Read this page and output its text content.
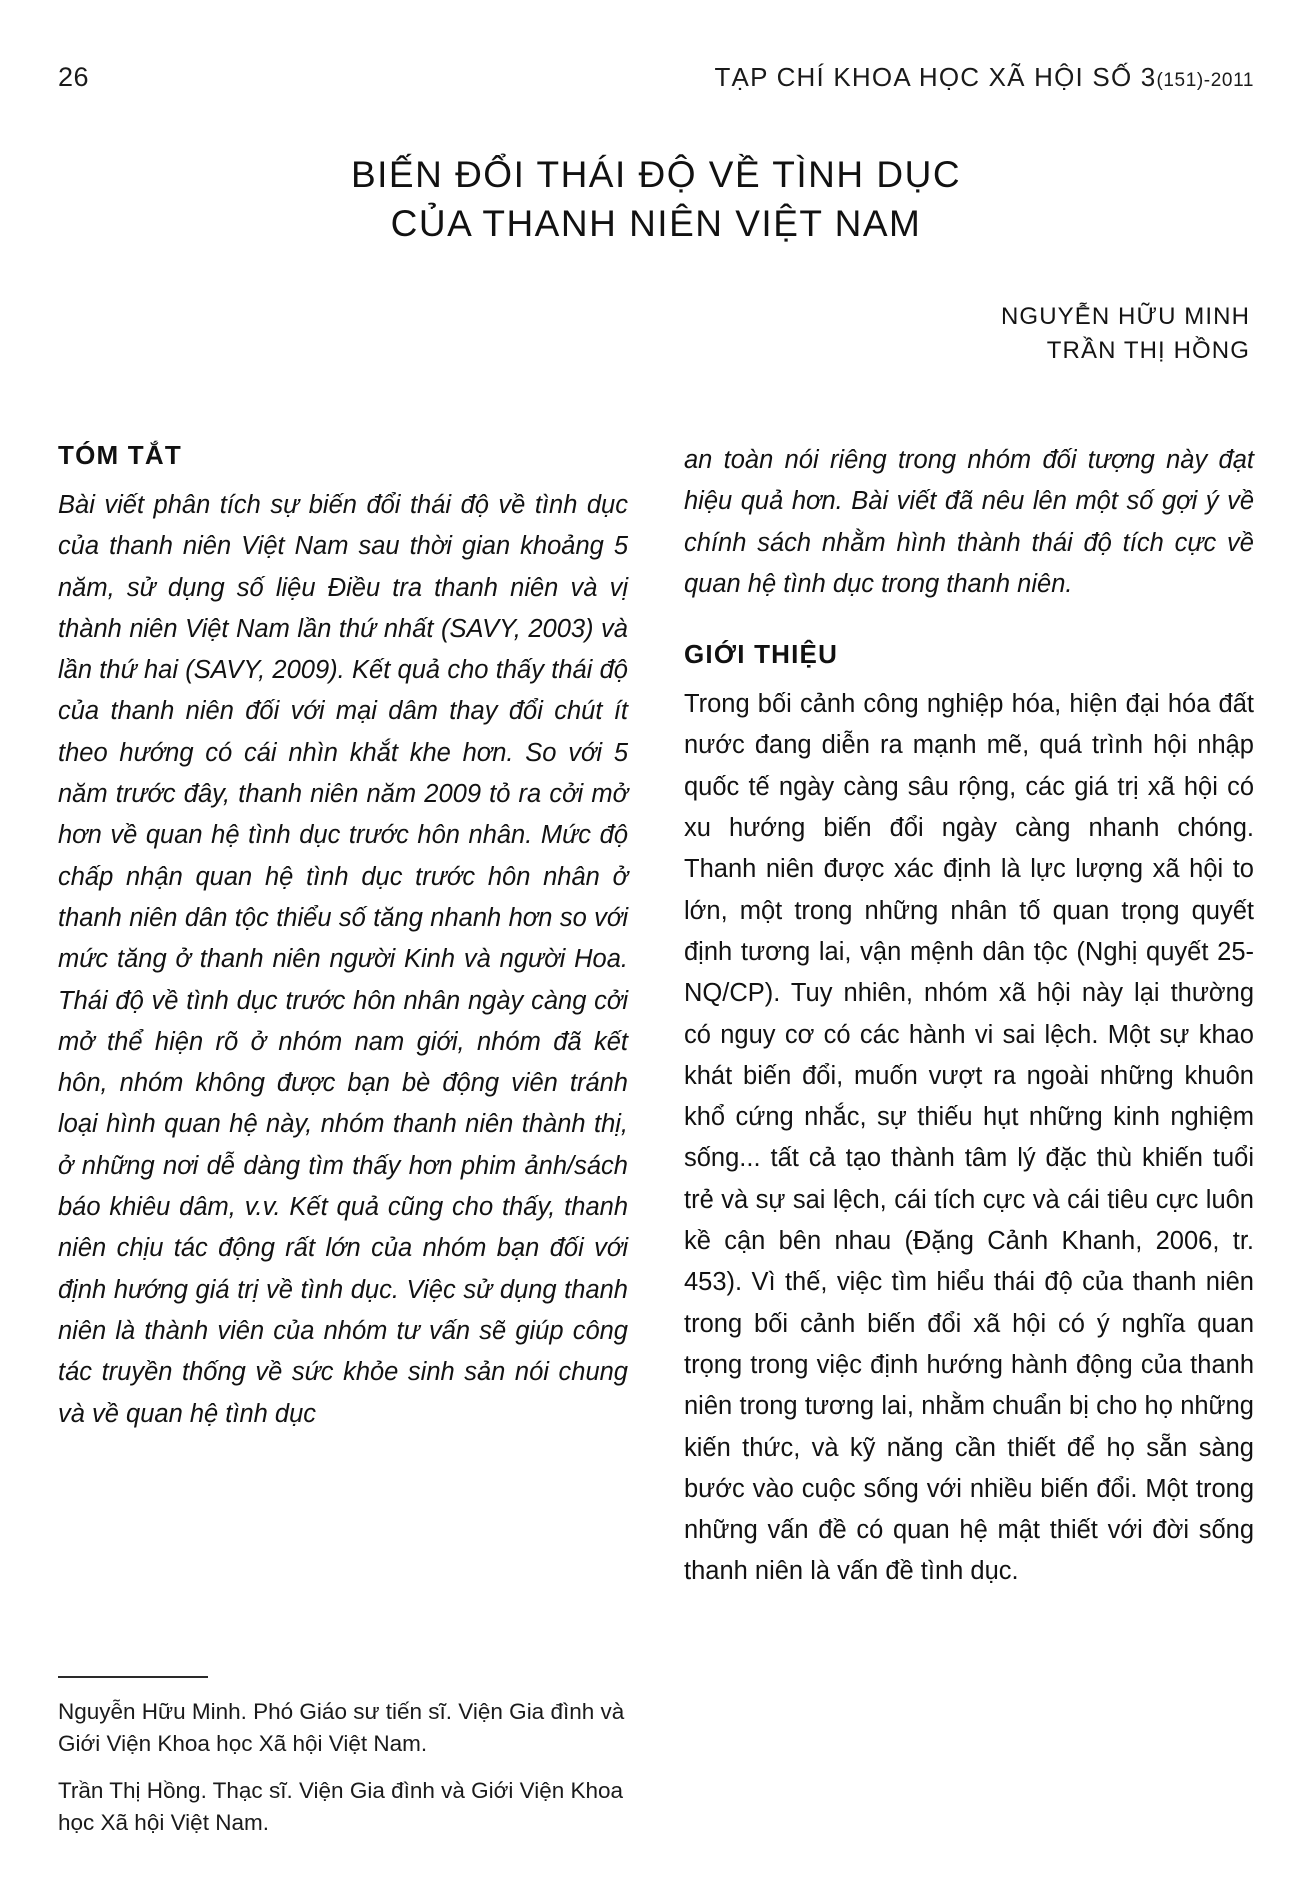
26	TẠP CHÍ KHOA HỌC XÃ HỘI SỐ 3(151)-2011
BIẾN ĐỔI THÁI ĐỘ VỀ TÌNH DỤC
CỦA THANH NIÊN VIỆT NAM
NGUYỄN HỮU MINH
TRẦN THỊ HỒNG
TÓM TẮT

Bài viết phân tích sự biến đổi thái độ về tình dục của thanh niên Việt Nam sau thời gian khoảng 5 năm, sử dụng số liệu Điều tra thanh niên và vị thành niên Việt Nam lần thứ nhất (SAVY, 2003) và lần thứ hai (SAVY, 2009). Kết quả cho thấy thái độ của thanh niên đối với mại dâm thay đổi chút ít theo hướng có cái nhìn khắt khe hơn. So với 5 năm trước đây, thanh niên năm 2009 tỏ ra cởi mở hơn về quan hệ tình dục trước hôn nhân. Mức độ chấp nhận quan hệ tình dục trước hôn nhân ở thanh niên dân tộc thiểu số tăng nhanh hơn so với mức tăng ở thanh niên người Kinh và người Hoa. Thái độ về tình dục trước hôn nhân ngày càng cởi mở thể hiện rõ ở nhóm nam giới, nhóm đã kết hôn, nhóm không được bạn bè động viên tránh loại hình quan hệ này, nhóm thanh niên thành thị, ở những nơi dễ dàng tìm thấy hơn phim ảnh/sách báo khiêu dâm, v.v. Kết quả cũng cho thấy, thanh niên chịu tác động rất lớn của nhóm bạn đối với định hướng giá trị về tình dục. Việc sử dụng thanh niên là thành viên của nhóm tư vấn sẽ giúp công tác truyền thống về sức khỏe sinh sản nói chung và về quan hệ tình dục

Nguyễn Hữu Minh. Phó Giáo sư tiến sĩ. Viện Gia đình và Giới Viện Khoa học Xã hội Việt Nam.

Trần Thị Hồng. Thạc sĩ. Viện Gia đình và Giới Viện Khoa học Xã hội Việt Nam.

an toàn nói riêng trong nhóm đối tượng này đạt hiệu quả hơn. Bài viết đã nêu lên một số gợi ý về chính sách nhằm hình thành thái độ tích cực về quan hệ tình dục trong thanh niên.

GIỚI THIỆU

Trong bối cảnh công nghiệp hóa, hiện đại hóa đất nước đang diễn ra mạnh mẽ, quá trình hội nhập quốc tế ngày càng sâu rộng, các giá trị xã hội có xu hướng biến đổi ngày càng nhanh chóng. Thanh niên được xác định là lực lượng xã hội to lớn, một trong những nhân tố quan trọng quyết định tương lai, vận mệnh dân tộc (Nghị quyết 25-NQ/CP). Tuy nhiên, nhóm xã hội này lại thường có nguy cơ có các hành vi sai lệch. Một sự khao khát biến đổi, muốn vượt ra ngoài những khuôn khổ cứng nhắc, sự thiếu hụt những kinh nghiệm sống... tất cả tạo thành tâm lý đặc thù khiến tuổi trẻ và sự sai lệch, cái tích cực và cái tiêu cực luôn kề cận bên nhau (Đặng Cảnh Khanh, 2006, tr. 453). Vì thế, việc tìm hiểu thái độ của thanh niên trong bối cảnh biến đổi xã hội có ý nghĩa quan trọng trong việc định hướng hành động của thanh niên trong tương lai, nhằm chuẩn bị cho họ những kiến thức, và kỹ năng cần thiết để họ sẵn sàng bước vào cuộc sống với nhiều biến đổi. Một trong những vấn đề có quan hệ mật thiết với đời sống thanh niên là vấn đề tình dục.
